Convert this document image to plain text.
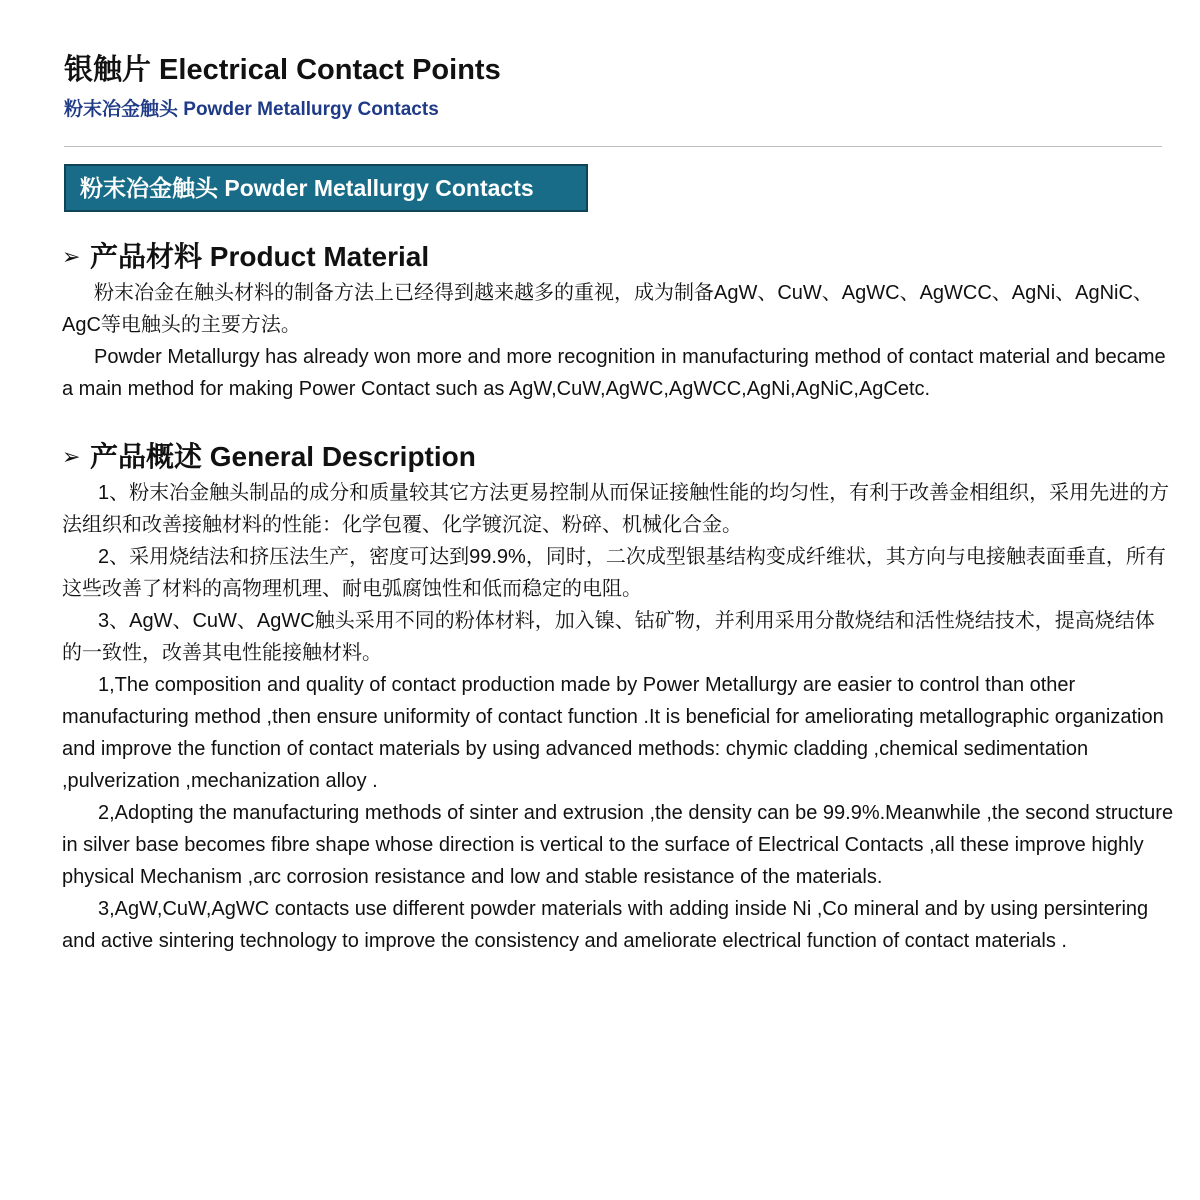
银触片 Electrical Contact Points
粉末冶金触头 Powder Metallurgy Contacts
粉末冶金触头 Powder Metallurgy Contacts
➢ 产品材料 Product Material

粉末冶金在触头材料的制备方法上已经得到越来越多的重视，成为制备AgW、CuW、AgWC、AgWCC、AgNi、AgNiC、AgC等电触头的主要方法。

Powder Metallurgy has already won more and more recognition in manufacturing method of contact material and became a main method for making Power Contact such as AgW,CuW,AgWC,AgWCC,AgNi,AgNiC,AgCetc.

➢ 产品概述 General Description

1、粉末冶金触头制品的成分和质量较其它方法更易控制从而保证接触性能的均匀性，有利于改善金相组织，采用先进的方法组织和改善接触材料的性能：化学包覆、化学镀沉淀、粉碎、机械化合金。

2、采用烧结法和挤压法生产，密度可达到99.9%，同时，二次成型银基结构变成纤维状，其方向与电接触表面垂直，所有这些改善了材料的高物理机理、耐电弧腐蚀性和低而稳定的电阻。

3、AgW、CuW、AgWC触头采用不同的粉体材料，加入镍、钴矿物，并利用采用分散烧结和活性烧结技术，提高烧结体的一致性，改善其电性能接触材料。

1,The composition and quality of contact production made by Power Metallurgy are easier to control than other manufacturing method ,then ensure uniformity of contact function .It is beneficial for ameliorating metallographic organization and improve the function of contact materials by using advanced methods: chymic cladding ,chemical sedimentation ,pulverization ,mechanization alloy .

2,Adopting the manufacturing methods of sinter and extrusion ,the density can be 99.9%.Meanwhile ,the second structure in silver base becomes fibre shape whose direction is vertical to the surface of Electrical Contacts ,all these improve highly physical Mechanism ,arc corrosion resistance and low and stable resistance of the materials.

3,AgW,CuW,AgWC contacts use different powder materials with adding inside Ni ,Co mineral and by using persintering and active sintering technology to improve the consistency and ameliorate electrical function of contact materials .
